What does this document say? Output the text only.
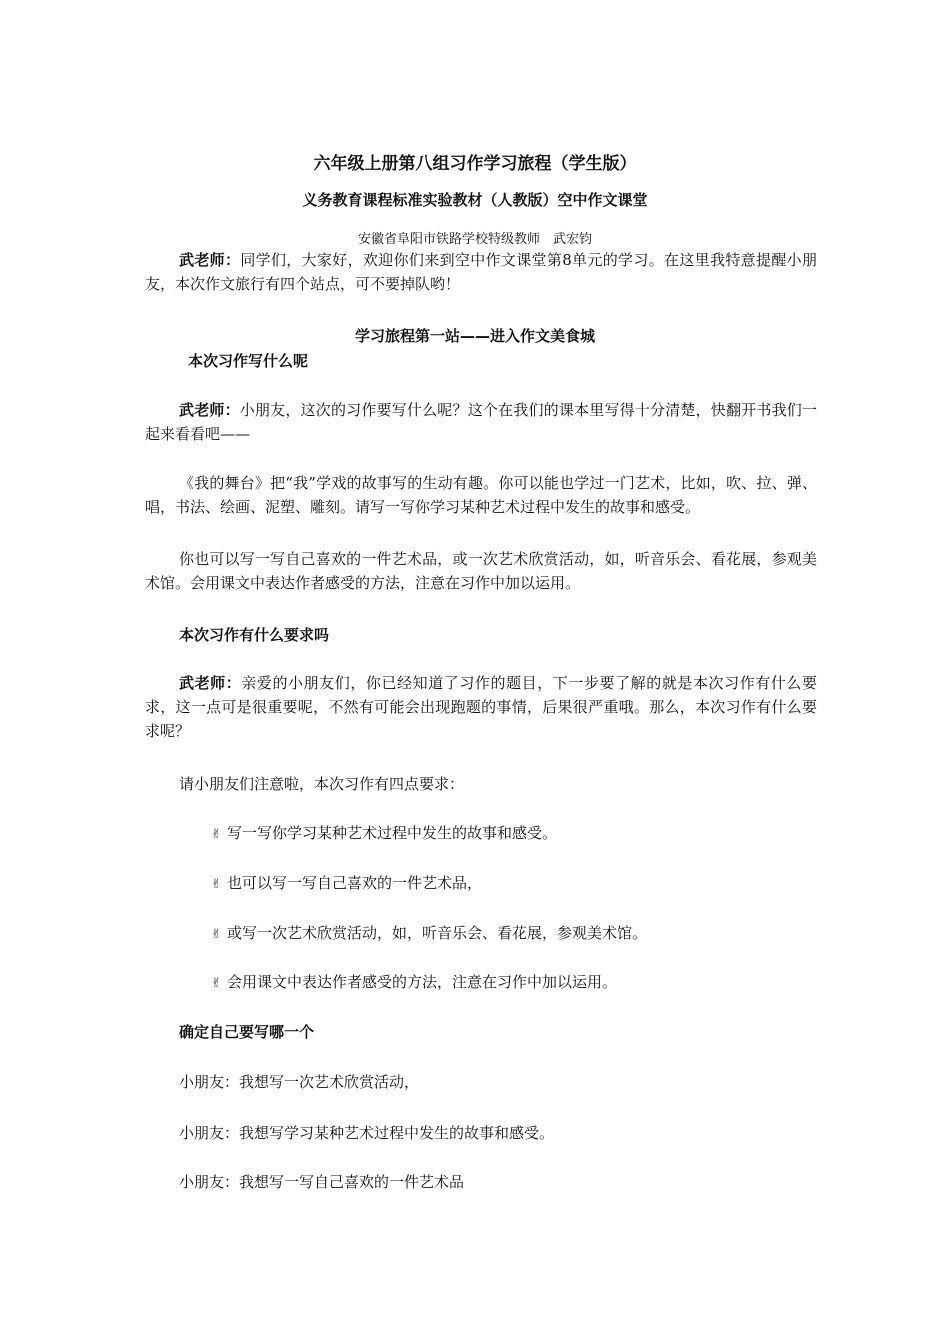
六年级上册第八组习作学习旅程（学生版）
义务教育课程标准实验教材（人教版）空中作文课堂
安徽省阜阳市铁路学校特级教师　武宏钧
武老师：同学们，大家好，欢迎你们来到空中作文课堂第8单元的学习。在这里我特意提醒小朋友，本次作文旅行有四个站点，可不要掉队哟！
学习旅程第一站——进入作文美食城
本次习作写什么呢
武老师：小朋友，这次的习作要写什么呢？这个在我们的课本里写得十分清楚，快翻开书我们一起来看看吧——
《我的舞台》把“我”学戏的故事写的生动有趣。你可以能也学过一门艺术，比如，吹、拉、弹、唱，书法、绘画、泥塑、雕刻。请写一写你学习某种艺术过程中发生的故事和感受。
你也可以写一写自己喜欢的一件艺术品，或一次艺术欣赏活动，如，听音乐会、看花展，参观美术馆。会用课文中表达作者感受的方法，注意在习作中加以运用。
本次习作有什么要求吗
武老师：亲爱的小朋友们，你已经知道了习作的题目，下一步要了解的就是本次习作有什么要求，这一点可是很重要呢，不然有可能会出现跑题的事情，后果很严重哦。那么，本次习作有什么要求呢？
请小朋友们注意啦，本次习作有四点要求：
✌ 写一写你学习某种艺术过程中发生的故事和感受。
✌ 也可以写一写自己喜欢的一件艺术品，
✌ 或写一次艺术欣赏活动，如，听音乐会、看花展，参观美术馆。
✌ 会用课文中表达作者感受的方法，注意在习作中加以运用。
确定自己要写哪一个
小朋友：我想写一次艺术欣赏活动，
小朋友：我想写学习某种艺术过程中发生的故事和感受。
小朋友：我想写一写自己喜欢的一件艺术品
